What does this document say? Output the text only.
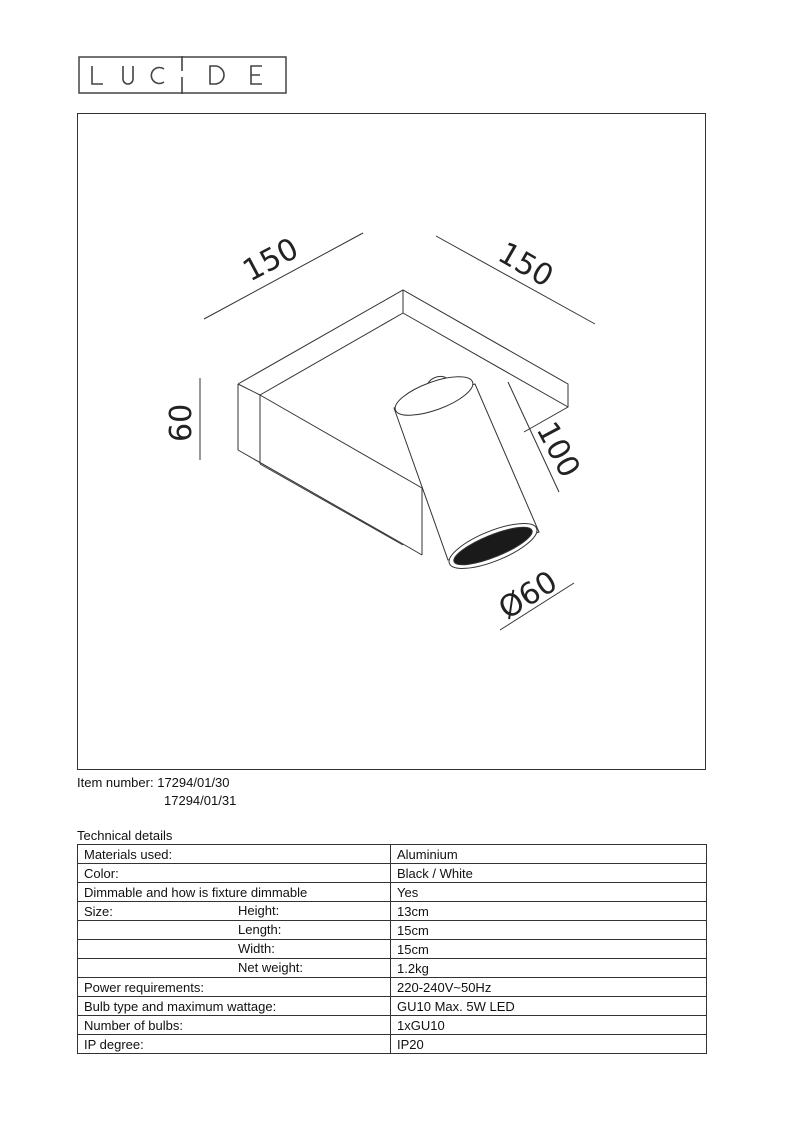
150	150
60	100
Ø60
Item number: 17294/01/30
17294/01/31
Technical details
Materials used:	Aluminium
Color:	Black / White
Dimmable and how is fixture dimmable	Yes
Size: Height:	13cm

Length:	15cm

Width:	15cm

Net weight:	1.2kg
Power requirements:	220-240V~50Hz
Bulb type and maximum wattage:	GU10 Max. 5W LED
Number of bulbs:	1xGU10
IP degree:	IP20
